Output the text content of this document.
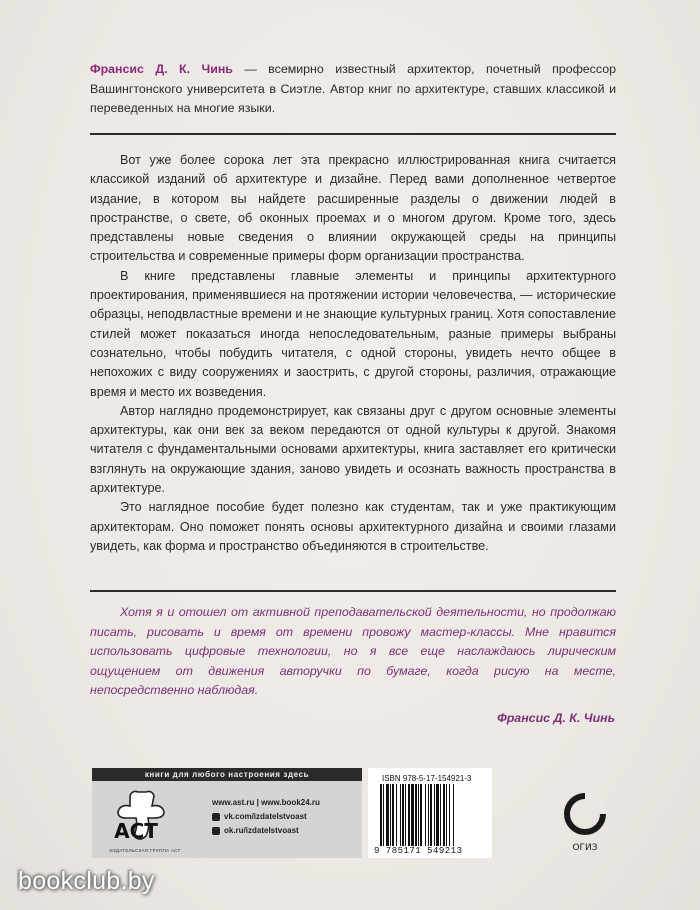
Франсис Д. К. Чинь — всемирно известный архитектор, почетный профессор Вашингтонского университета в Сиэтле. Автор книг по архитектуре, ставших классикой и переведенных на многие языки.

Вот уже более сорока лет эта прекрасно иллюстрированная книга считается классикой изданий об архитектуре и дизайне. Перед вами дополненное четвертое издание, в котором вы найдете расширенные разделы о движении людей в пространстве, о свете, об оконных проемах и о многом другом. Кроме того, здесь представлены новые сведения о влиянии окружающей среды на принципы строительства и современные примеры форм организации пространства.

В книге представлены главные элементы и принципы архитектурного проектирования, применявшиеся на протяжении истории человечества, — исторические образцы, неподвластные времени и не знающие культурных границ. Хотя сопоставление стилей может показаться иногда непоследовательным, разные примеры выбраны сознательно, чтобы побудить читателя, с одной стороны, увидеть нечто общее в непохожих с виду сооружениях и заострить, с другой стороны, различия, отражающие время и место их возведения.

Автор наглядно продемонстрирует, как связаны друг с другом основные элементы архитектуры, как они век за веком передаются от одной культуры к другой. Знакомя читателя с фундаментальными основами архитектуры, книга заставляет его критически взглянуть на окружающие здания, заново увидеть и осознать важность пространства в архитектуре.

Это наглядное пособие будет полезно как студентам, так и уже практикующим архитекторам. Оно поможет понять основы архитектурного дизайна и своими глазами увидеть, как форма и пространство объединяются в строительстве.

Хотя я и отошел от активной преподавательской деятельности, но продолжаю писать, рисовать и время от времени провожу мастер-классы. Мне нравится использовать цифровые технологии, но я все еще наслаждаюсь лирическим ощущением от движения авторучки по бумаге, когда рисую на месте, непосредственно наблюдая.

Франсис Д. К. Чинь
книги для любого настроения здесь
АСТ
ИЗДАТЕЛЬСКАЯ ГРУППА АСТ
www.ast.ru | www.book24.ru
vk.com/izdatelstvoast
ok.ru/izdatelstvoast
ISBN 978-5-17-154921-3
9 785171 549213	ОГИЗ
bookclub.by
